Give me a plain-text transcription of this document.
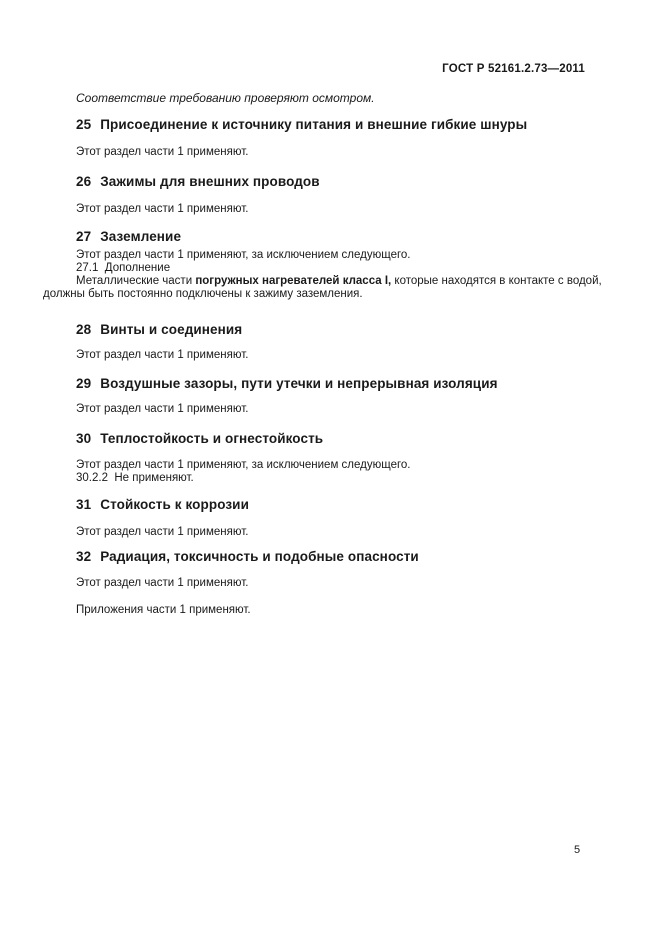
ГОСТ Р 52161.2.73—2011
Соответствие требованию проверяют осмотром.
25 Присоединение к источнику питания и внешние гибкие шнуры

Этот раздел части 1 применяют.

26 Зажимы для внешних проводов

Этот раздел части 1 применяют.

27 Заземление

Этот раздел части 1 применяют, за исключением следующего.

27.1  Дополнение

Металлические части погружных нагревателей класса I, которые находятся в контакте с водой,
должны быть постоянно подключены к зажиму заземления.

28 Винты и соединения

Этот раздел части 1 применяют.

29 Воздушные зазоры, пути утечки и непрерывная изоляция

Этот раздел части 1 применяют.

30 Теплостойкость и огнестойкость

Этот раздел части 1 применяют, за исключением следующего.

30.2.2  Не применяют.

31 Стойкость к коррозии

Этот раздел части 1 применяют.

32 Радиация, токсичность и подобные опасности

Этот раздел части 1 применяют.

Приложения части 1 применяют.

5
